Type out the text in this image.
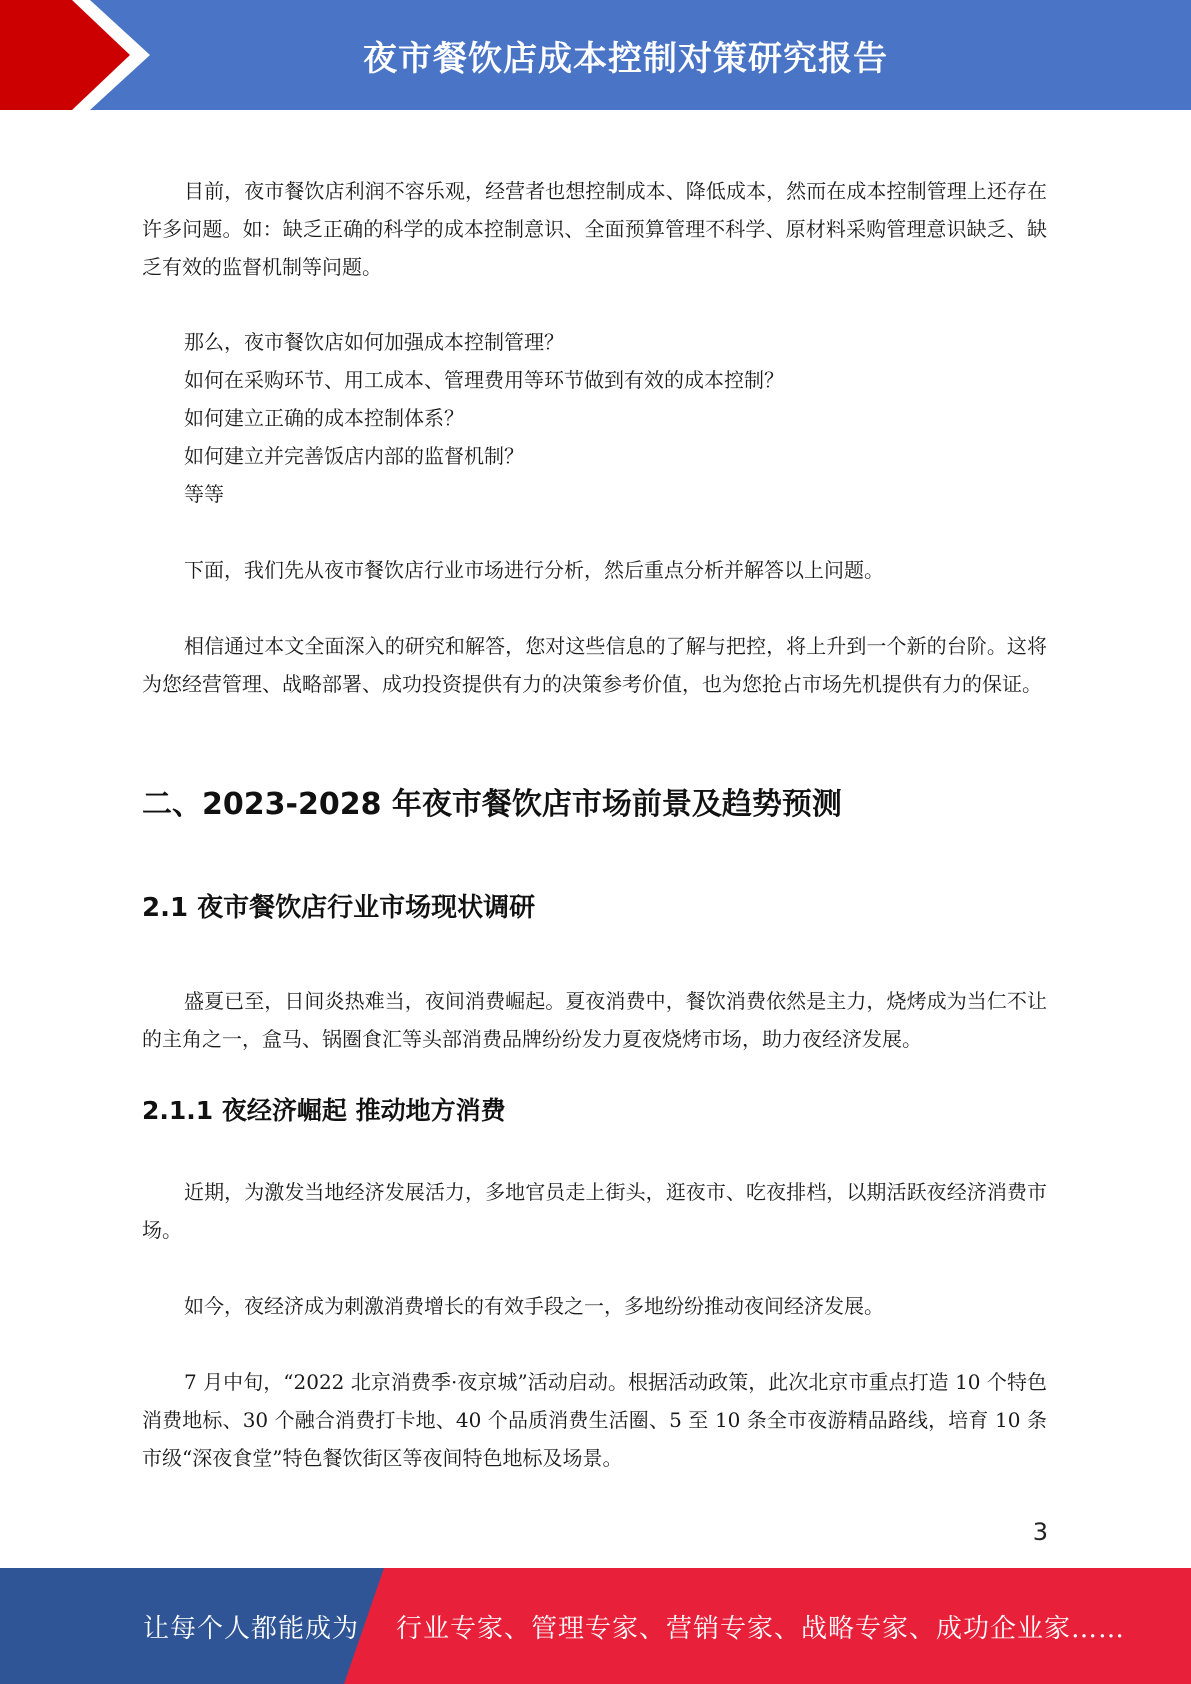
夜市餐饮店成本控制对策研究报告

目前，夜市餐饮店利润不容乐观，经营者也想控制成本、降低成本，然而在成本控制管理上还存在许多问题。如：缺乏正确的科学的成本控制意识、全面预算管理不科学、原材料采购管理意识缺乏、缺乏有效的监督机制等问题。

那么，夜市餐饮店如何加强成本控制管理？

如何在采购环节、用工成本、管理费用等环节做到有效的成本控制？

如何建立正确的成本控制体系？

如何建立并完善饭店内部的监督机制？

等等

下面，我们先从夜市餐饮店行业市场进行分析，然后重点分析并解答以上问题。

相信通过本文全面深入的研究和解答，您对这些信息的了解与把控，将上升到一个新的台阶。这将为您经营管理、战略部署、成功投资提供有力的决策参考价值，也为您抢占市场先机提供有力的保证。

二、2023-2028 年夜市餐饮店市场前景及趋势预测
2.1 夜市餐饮店行业市场现状调研

盛夏已至，日间炎热难当，夜间消费崛起。夏夜消费中，餐饮消费依然是主力，烧烤成为当仁不让的主角之一，盒马、锅圈食汇等头部消费品牌纷纷发力夏夜烧烤市场，助力夜经济发展。

2.1.1 夜经济崛起 推动地方消费

近期，为激发当地经济发展活力，多地官员走上街头，逛夜市、吃夜排档，以期活跃夜经济消费市场。

如今，夜经济成为刺激消费增长的有效手段之一，多地纷纷推动夜间经济发展。

7 月中旬，“2022 北京消费季·夜京城”活动启动。根据活动政策，此次北京市重点打造 10 个特色消费地标、30 个融合消费打卡地、40 个品质消费生活圈、5 至 10 条全市夜游精品路线，培育 10 条市级“深夜食堂”特色餐饮街区等夜间特色地标及场景。

3
让每个人都能成为 行业专家、管理专家、营销专家、战略专家、成功企业家……
